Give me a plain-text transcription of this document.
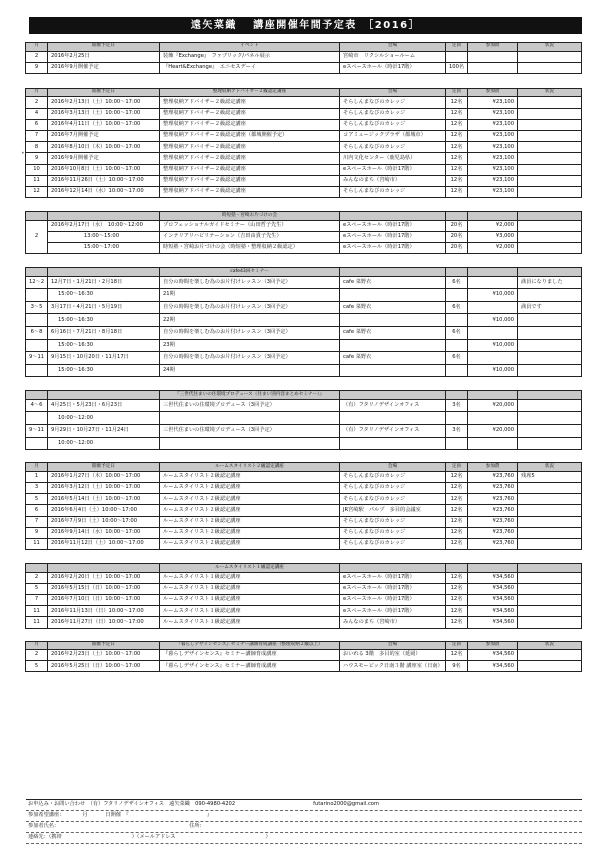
遠矢菜織　 講座開催年間予定表　［2016］
月	開催予定日	イベント	会場	定員	参加費	状況
2	2016年2月25日	装飾『Exchange』　ファブリック/パネル展示	宮崎市　リクシルショールーム			
9	2016年9月開催予定	『Heart&Exchange』　エニセスデーイ	eスペースホール（時計17階）	100名		
月	開催予定日	整理収納アドバイザー２級認定講座	会場	定員	参加費	状況
2	2016年2月13日（土）10:00～17:00	整理収納アドバイザー２級認定講座	そらしんまなびのカレッジ	12名	¥23,100	
4	2016年3月13日（土）10:00～17:00	整理収納アドバイザー２級認定講座	そらしんまなびのカレッジ	12名	¥23,100	
6	2016年4月11日（土）10:00～17:00	整理収納アドバイザー２級認定講座	そらしんまなびのカレッジ	12名	¥23,100	
7	2016年7月開催予定	整理収納アドバイザー２級認定講座（都城開催予定）	コアミュージックプラザ（都城市）	12名	¥23,100	
8	2016年8月10日（木）10:00～17:00	整理収納アドバイザー２級認定講座	そらしんまなびのカレッジ	12名	¥23,100	
9	2016年9月開催予定	整理収納アドバイザー２級認定講座	川内文化センター（鹿児島県）	12名	¥23,100	
10	2016年10月8日（土）10:00～17:00	整理収納アドバイザー２級認定講座	eスペースホール（時計17階）	12名	¥23,100	
11	2016年11月26日（土）10:00～17:00	整理収納アドバイザー２級認定講座	みんなのまち（宮崎市）	12名	¥23,100	
12	2016年12月14日（水）10:00～17:00	整理収納アドバイザー２級認定講座	そらしんまなびのカレッジ	12名	¥23,100	
		時短塾・宮崎お片づけの会				
2	2016年2月17日（水）　10:00～12:00	プロフェッショナルガイドセミナー（山田哲子先生）	eスペースホール（時計17階）	20名	¥2,000	
	13:00～15:00	インテリアリハビリテーション（吉田由貴子先生）	eスペースホール（時計17階）	20名	¥3,000	
	15:00～17:00	時短塾・宮崎お片づけの会（時短塾・整理収納２級認定）	eスペースホール（時計17階）	20名	¥2,000	
		cafe43回セミナー				
12～2	12月7日・1月21日・2月18日	自分の時間を楽しむ為のお片付けレッスン（3回予定）	cafe 菜野衣	6名		満員になりました
	15:00～16:30	21期			¥10,000	
3～5	3月17日・4月21日・5月19日	自分の時間を楽しむ為のお片付けレッスン（3回予定）	cafe 菜野衣	6名		満員です
	15:00～16:30	22期			¥10,000	
6～8	6月16日・7月21日・8月18日	自分の時間を楽しむ為のお片付けレッスン（3回予定）	cafe 菜野衣	6名		
	15:00～16:30	23期			¥10,000	
9～11	9月15日・10月20日・11月17日	自分の時間を楽しむ為のお片付けレッスン（3回予定）	cafe 菜野衣	6名		
	15:00～16:30	24期			¥10,000	
		『三世代住まいの住環境プロデュース（住まい別内容まとめセミナー）』				
4～6	4月25日・5月23日・6月23日	三世代住まいの住環境プロデュース（3回予定）	（有）フタリノデザインオフィス	3名	¥20,000	
	10:00～12:00					
9～11	9月29日・10月27日・11月24日	三世代住まいの住環境プロデュース（3回予定）	（有）フタリノデザインオフィス	3名	¥20,000	
	10:00～12:00					
月	開催予定日	ルームスタイリスト２級認定講座	会場	定員	参加費	状況
1	2016年1月27日（木）10:00～17:00	ルームスタイリスト２級認定講座	そらしんまなびのカレッジ	12名	¥23,760	残席5
3	2016年3月12日（土）10:00～17:00	ルームスタイリスト２級認定講座	そらしんまなびのカレッジ	12名	¥23,760	
5	2016年5月14日（土）10:00～17:00	ルームスタイリスト２級認定講座	そらしんまなびのカレッジ	12名	¥23,760	
6	2016年6月4日（土）10:00～17:00	ルームスタイリスト２級認定講座	JR宮崎駅　パルプ　多目的会議室	12名	¥23,760	
7	2016年7月9日（土）10:00～17:00	ルームスタイリスト２級認定講座	そらしんまなびのカレッジ	12名	¥23,760	
9	2016年9月14日（水）10:00～17:00	ルームスタイリスト２級認定講座	そらしんまなびのカレッジ	12名	¥23,760	
11	2016年11月12日（土）10:00～17:00	ルームスタイリスト２級認定講座	そらしんまなびのカレッジ	12名	¥23,760	
		ルームスタイリスト１級認定講座				
2	2016年2月20日（土）10:00～17:00	ルームスタイリスト１級認定講座	eスペースホール（時計17階）	12名	¥34,560	
5	2016年5月15日（日）10:00～17:00	ルームスタイリスト１級認定講座	eスペースホール（時計17階）	12名	¥34,560	
7	2016年7月10日（日）10:00～17:00	ルームスタイリスト１級認定講座	eスペースホール（時計17階）	12名	¥34,560	
11	2016年11月13日（日）10:00～17:00	ルームスタイリスト１級認定講座	eスペースホール（時計17階）	12名	¥34,560	
11	2016年11月27日（日）10:00～17:00	ルームスタイリスト１級認定講座	みんなのまち（宮崎市）	12名	¥34,560	
月	開催予定日	『暮らしデザインセンス』セミナー講師育成講座（整理収納２級以上）	会場	定員	参加費	状況
2	2016年2月23日（土）10:00～17:00	『暮らしデザインセンス』セミナー講師育成講座	おいれる 3階　多目的室（延岡）	12名	¥34,560	
5	2016年5月25日（日）10:00～17:00	『暮らしデザインセンス』セミナー講師育成講座	ハウスモービック日南３階 講座室（日南）	9名	¥34,560	
•
お申込み・お問い合わせ　（有）フタリノデザインオフィス　遠矢菜織　090-4980-4202	futarino2000@gmail.com
参加希望講座：	月	日開催　『	』
参加者氏名：	住所：
連絡先：（携帯	）（メールアドレス	）
